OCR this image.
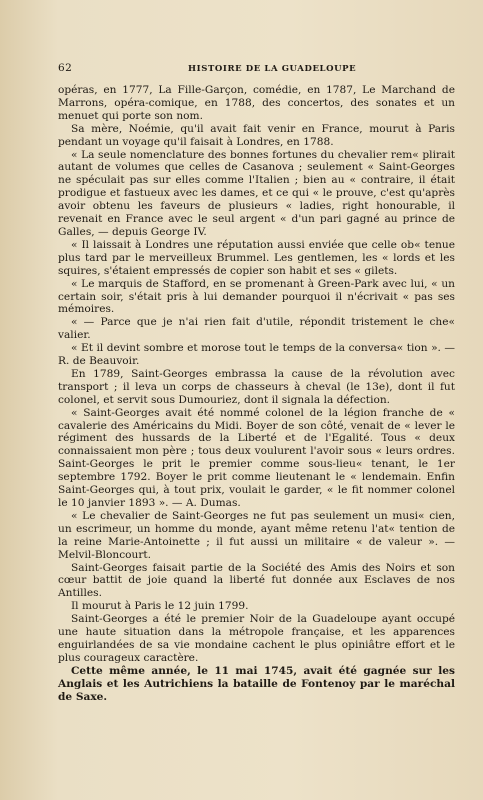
62	HISTOIRE DE LA GUADELOUPE

opéras, en 1777, La Fille-Garçon, comédie, en 1787, Le Marchand de Marrons, opéra-comique, en 1788, des concertos, des sonates et un menuet qui porte son nom.

Sa mère, Noémie, qu'il avait fait venir en France, mourut à Paris pendant un voyage qu'il faisait à Londres, en 1788.

« La seule nomenclature des bonnes fortunes du chevalier rem« plirait autant de volumes que celles de Casanova ; seulement « Saint-Georges ne spéculait pas sur elles comme l'Italien ; bien au « contraire, il était prodigue et fastueux avec les dames, et ce qui « le prouve, c'est qu'après avoir obtenu les faveurs de plusieurs « ladies, right honourable, il revenait en France avec le seul argent « d'un pari gagné au prince de Galles, — depuis George IV.

« Il laissait à Londres une réputation aussi enviée que celle ob« tenue plus tard par le merveilleux Brummel. Les gentlemen, les « lords et les squires, s'étaient empressés de copier son habit et ses « gilets.

« Le marquis de Stafford, en se promenant à Green-Park avec lui, « un certain soir, s'était pris à lui demander pourquoi il n'écrivait « pas ses mémoires.

« — Parce que je n'ai rien fait d'utile, répondit tristement le che« valier.

« Et il devint sombre et morose tout le temps de la conversa« tion ». — R. de Beauvoir.

En 1789, Saint-Georges embrassa la cause de la révolution avec transport ; il leva un corps de chasseurs à cheval (le 13e), dont il fut colonel, et servit sous Dumouriez, dont il signala la défection.

« Saint-Georges avait été nommé colonel de la légion franche de « cavalerie des Américains du Midi. Boyer de son côté, venait de « lever le régiment des hussards de la Liberté et de l'Egalité. Tous « deux connaissaient mon père ; tous deux voulurent l'avoir sous « leurs ordres. Saint-Georges le prit le premier comme sous-lieu« tenant, le 1er septembre 1792. Boyer le prit comme lieutenant le « lendemain. Enfin Saint-Georges qui, à tout prix, voulait le garder, « le fit nommer colonel le 10 janvier 1893 ». — A. Dumas.

« Le chevalier de Saint-Georges ne fut pas seulement un musi« cien, un escrimeur, un homme du monde, ayant même retenu l'at« tention de la reine Marie-Antoinette ; il fut aussi un militaire « de valeur ». — Melvil-Bloncourt.

Saint-Georges faisait partie de la Société des Amis des Noirs et son cœur battit de joie quand la liberté fut donnée aux Esclaves de nos Antilles.

Il mourut à Paris le 12 juin 1799.

Saint-Georges a été le premier Noir de la Guadeloupe ayant occupé une haute situation dans la métropole française, et les apparences enguirlandées de sa vie mondaine cachent le plus opiniâtre effort et le plus courageux caractère.

Cette même année, le 11 mai 1745, avait été gagnée sur les Anglais et les Autrichiens la bataille de Fontenoy par le maréchal de Saxe.
